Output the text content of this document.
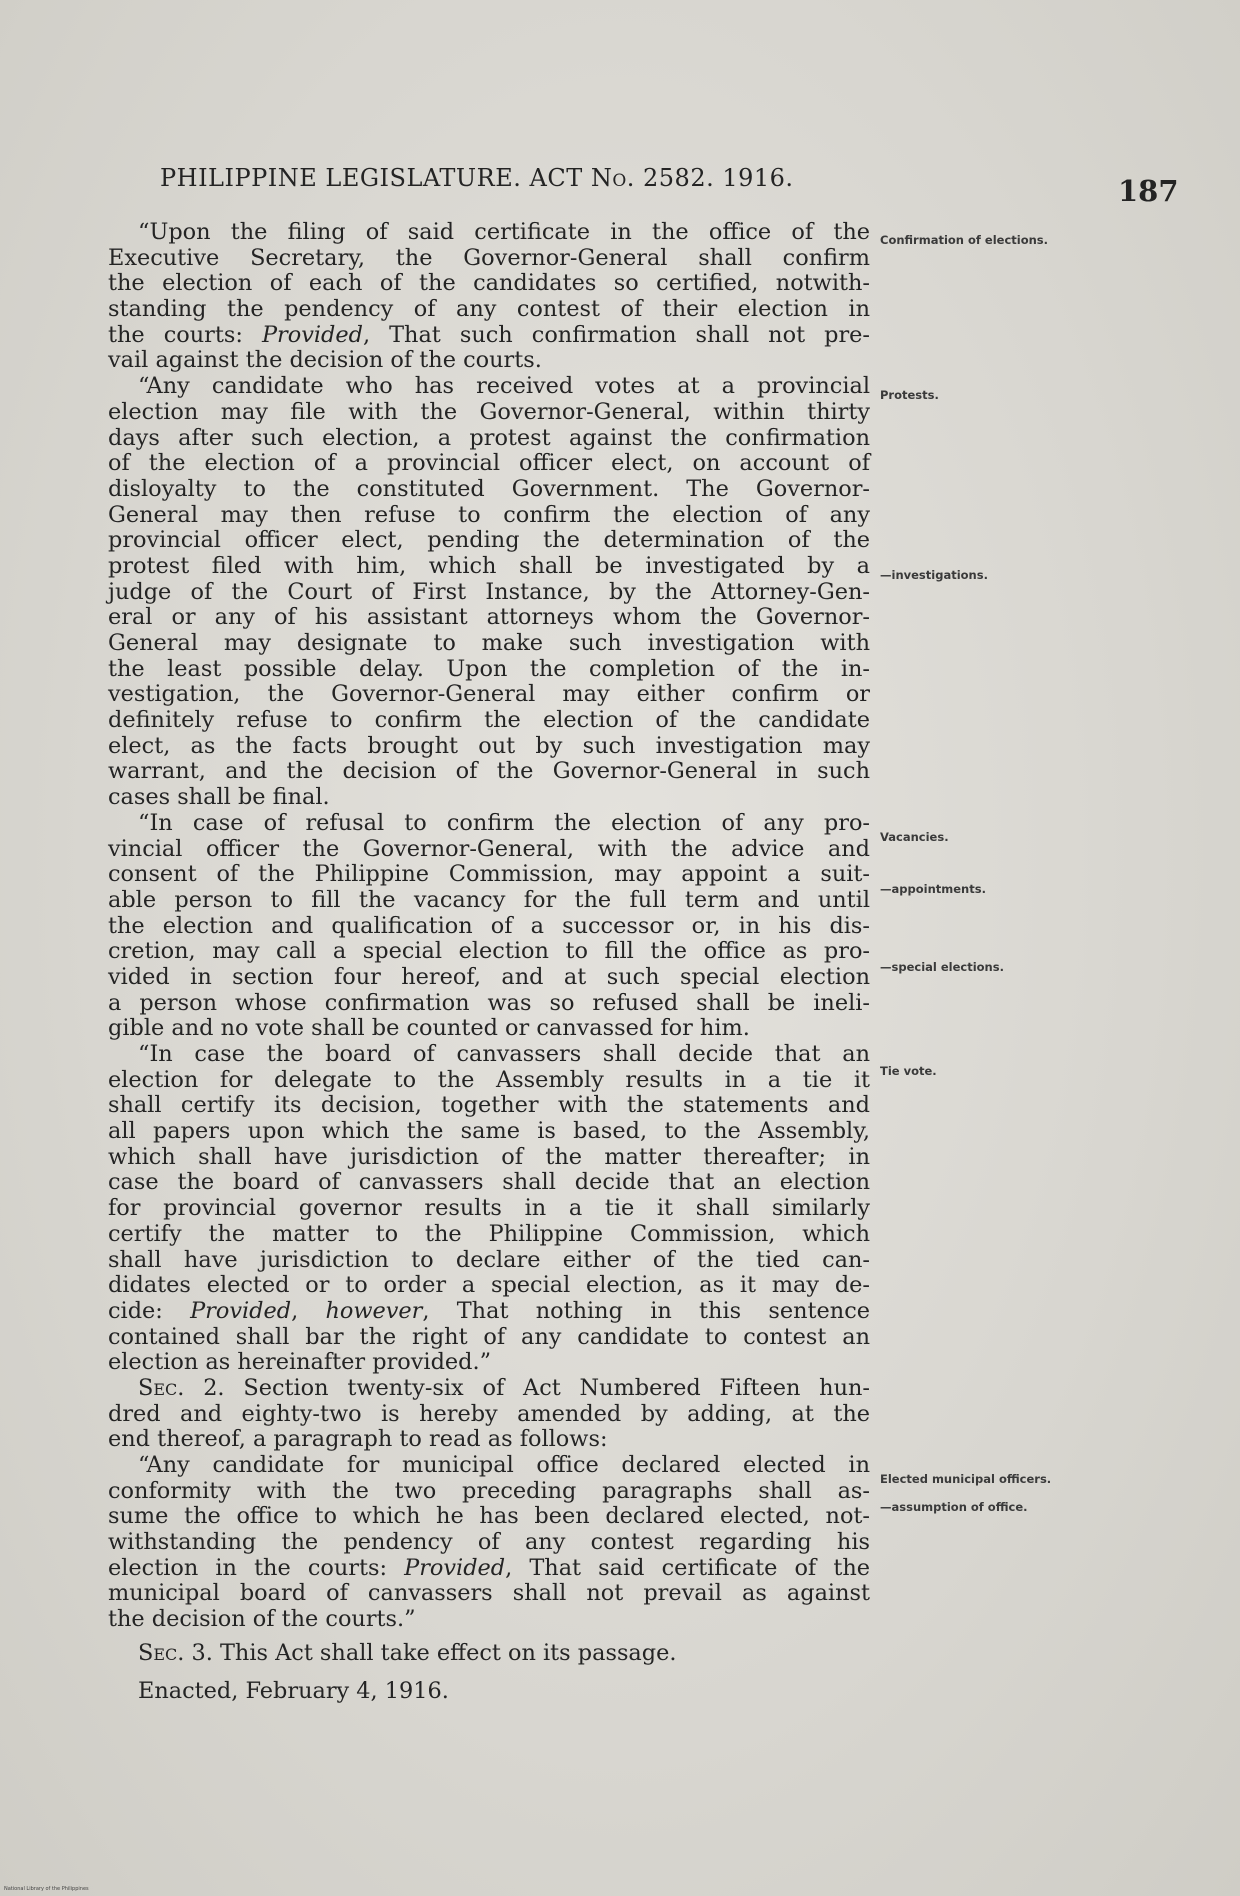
PHILIPPINE LEGISLATURE. ACT No. 2582. 1916.	187
“Upon the filing of said certificate in the office of the
Executive Secretary, the Governor-General shall confirm
the election of each of the candidates so certified, notwith-
standing the pendency of any contest of their election in
the courts: Provided, That such confirmation shall not pre-
vail against the decision of the courts.
“Any candidate who has received votes at a provincial
election may file with the Governor-General, within thirty
days after such election, a protest against the confirmation
of the election of a provincial officer elect, on account of
disloyalty to the constituted Government. The Governor-
General may then refuse to confirm the election of any
provincial officer elect, pending the determination of the
protest filed with him, which shall be investigated by a
judge of the Court of First Instance, by the Attorney-Gen-
eral or any of his assistant attorneys whom the Governor-
General may designate to make such investigation with
the least possible delay. Upon the completion of the in-
vestigation, the Governor-General may either confirm or
definitely refuse to confirm the election of the candidate
elect, as the facts brought out by such investigation may
warrant, and the decision of the Governor-General in such
cases shall be final.
“In case of refusal to confirm the election of any pro-
vincial officer the Governor-General, with the advice and
consent of the Philippine Commission, may appoint a suit-
able person to fill the vacancy for the full term and until
the election and qualification of a successor or, in his dis-
cretion, may call a special election to fill the office as pro-
vided in section four hereof, and at such special election
a person whose confirmation was so refused shall be ineli-
gible and no vote shall be counted or canvassed for him.
“In case the board of canvassers shall decide that an
election for delegate to the Assembly results in a tie it
shall certify its decision, together with the statements and
all papers upon which the same is based, to the Assembly,
which shall have jurisdiction of the matter thereafter; in
case the board of canvassers shall decide that an election
for provincial governor results in a tie it shall similarly
certify the matter to the Philippine Commission, which
shall have jurisdiction to declare either of the tied can-
didates elected or to order a special election, as it may de-
cide: Provided, however, That nothing in this sentence
contained shall bar the right of any candidate to contest an
election as hereinafter provided.”
Sec. 2. Section twenty-six of Act Numbered Fifteen hun-
dred and eighty-two is hereby amended by adding, at the
end thereof, a paragraph to read as follows:
“Any candidate for municipal office declared elected in
conformity with the two preceding paragraphs shall as-
sume the office to which he has been declared elected, not-
withstanding the pendency of any contest regarding his
election in the courts: Provided, That said certificate of the
municipal board of canvassers shall not prevail as against
the decision of the courts.”
Sec. 3. This Act shall take effect on its passage.
Enacted, February 4, 1916.
Confirmation of elections.
Protests.
—investigations.
Vacancies.
—appointments.
—special elections.
Tie vote.
Elected municipal officers.
—assumption of office.
National Library of the Philippines
